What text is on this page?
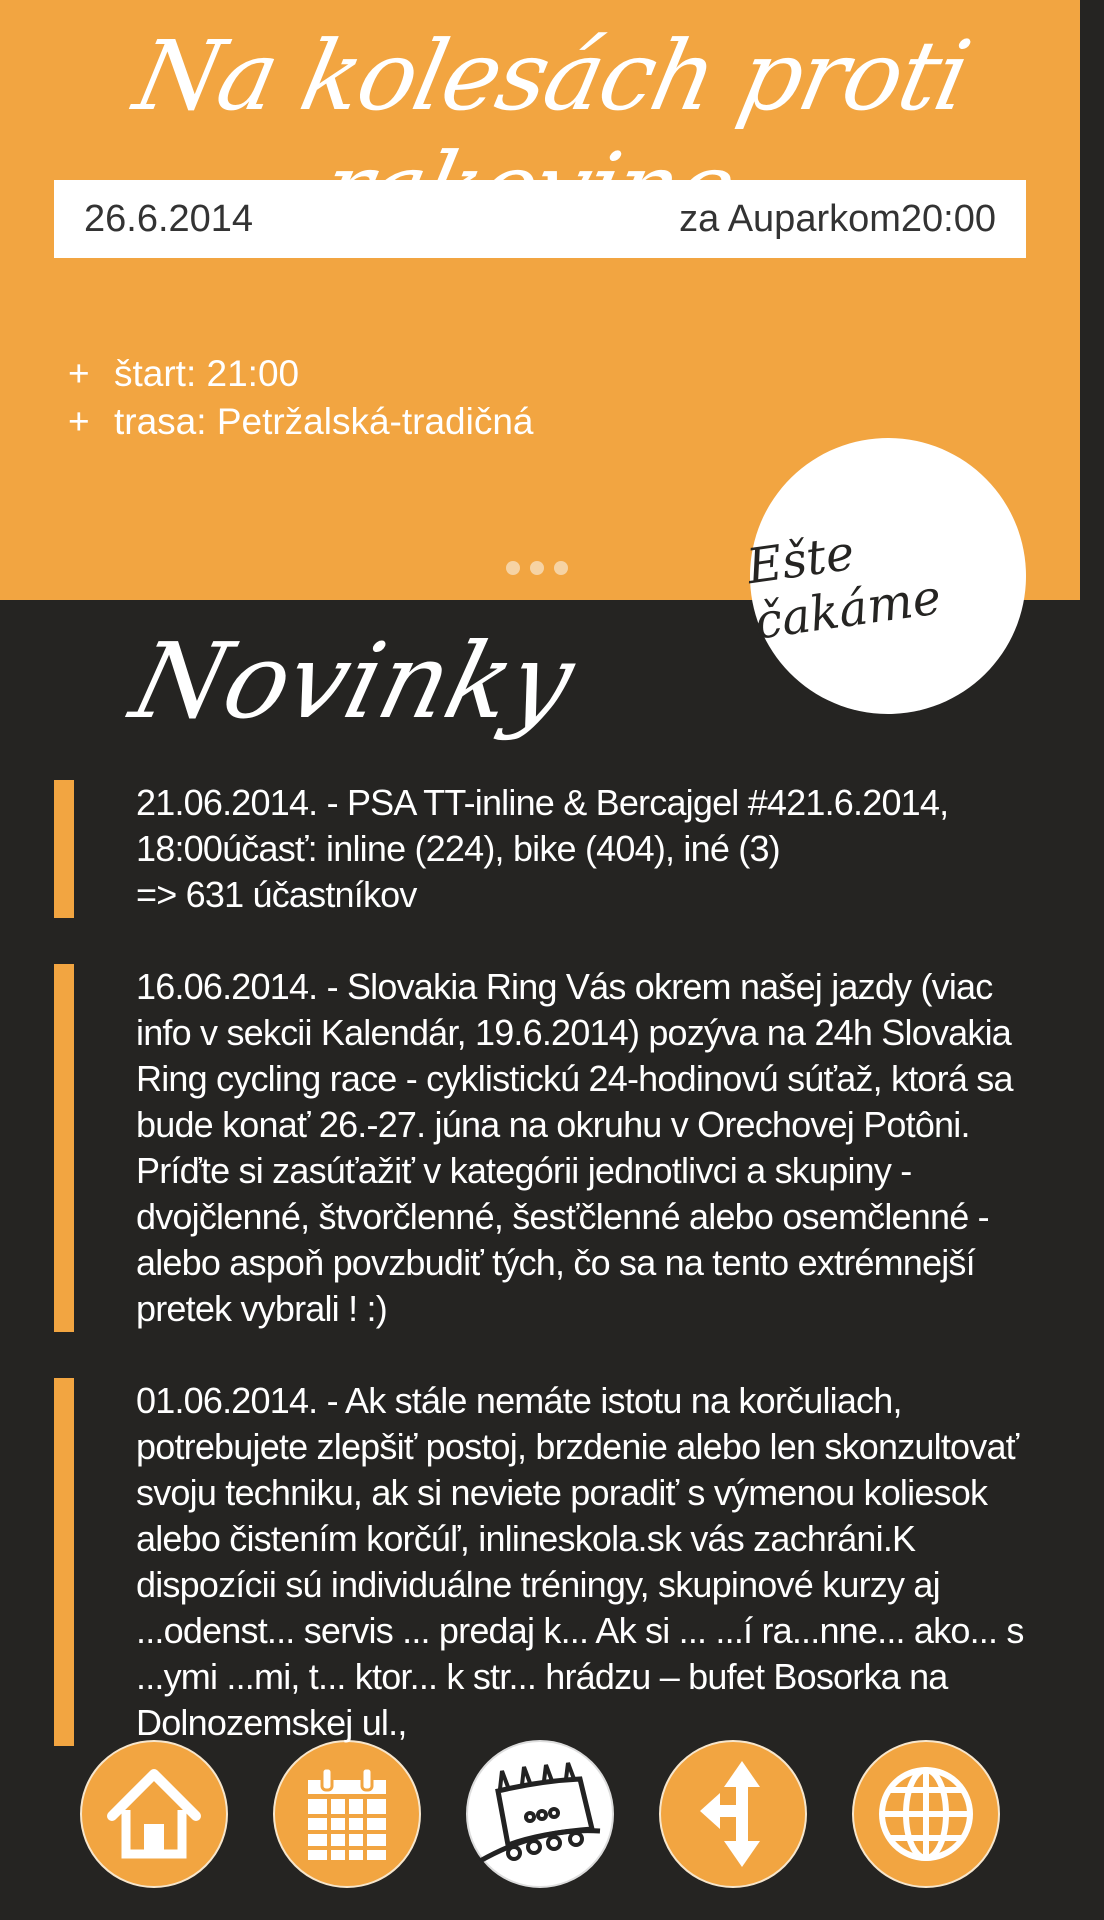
Na kolesách proti
26.6.2014	za Auparkom20:00
+ štart: 21:00
+ trasa: Petržalská-tradičná
Ešte čakáme
Novinky
21.06.2014. - PSA TT-inline & Bercajgel #421.6.2014, 18:00účasť: inline (224), bike (404), iné (3)
=> 631 účastníkov
16.06.2014. - Slovakia Ring Vás okrem našej jazdy (viac info v sekcii Kalendár, 19.6.2014) pozýva na 24h Slovakia Ring cycling race - cyklistickú 24-hodinovú súťaž, ktorá sa bude konať 26.-27. júna na okruhu v Orechovej Potôni. Príďte si zasúťažiť v kategórii jednotlivci a skupiny - dvojčlenné, štvorčlenné, šesťčlenné alebo osemčlenné - alebo aspoň povzbudiť tých, čo sa na tento extrémnejší pretek vybrali ! :)
01.06.2014. - Ak stále nemáte istotu na korčuliach, potrebujete zlepšiť postoj, brzdenie alebo len skonzultovať svoju techniku, ak si neviete poradiť s výmenou koliesok alebo čistením korčúľ, inlineskola.sk vás zachráni.K dispozícii sú individuálne tréningy, skupinové kurzy aj ...odenst... servis ... predaj k... Ak si ... ...í ra...nne... ako... s ...ymi ...mi, t... ktor... k str... hrádzu – bufet Bosorka na Dolnozemskej ul.,
